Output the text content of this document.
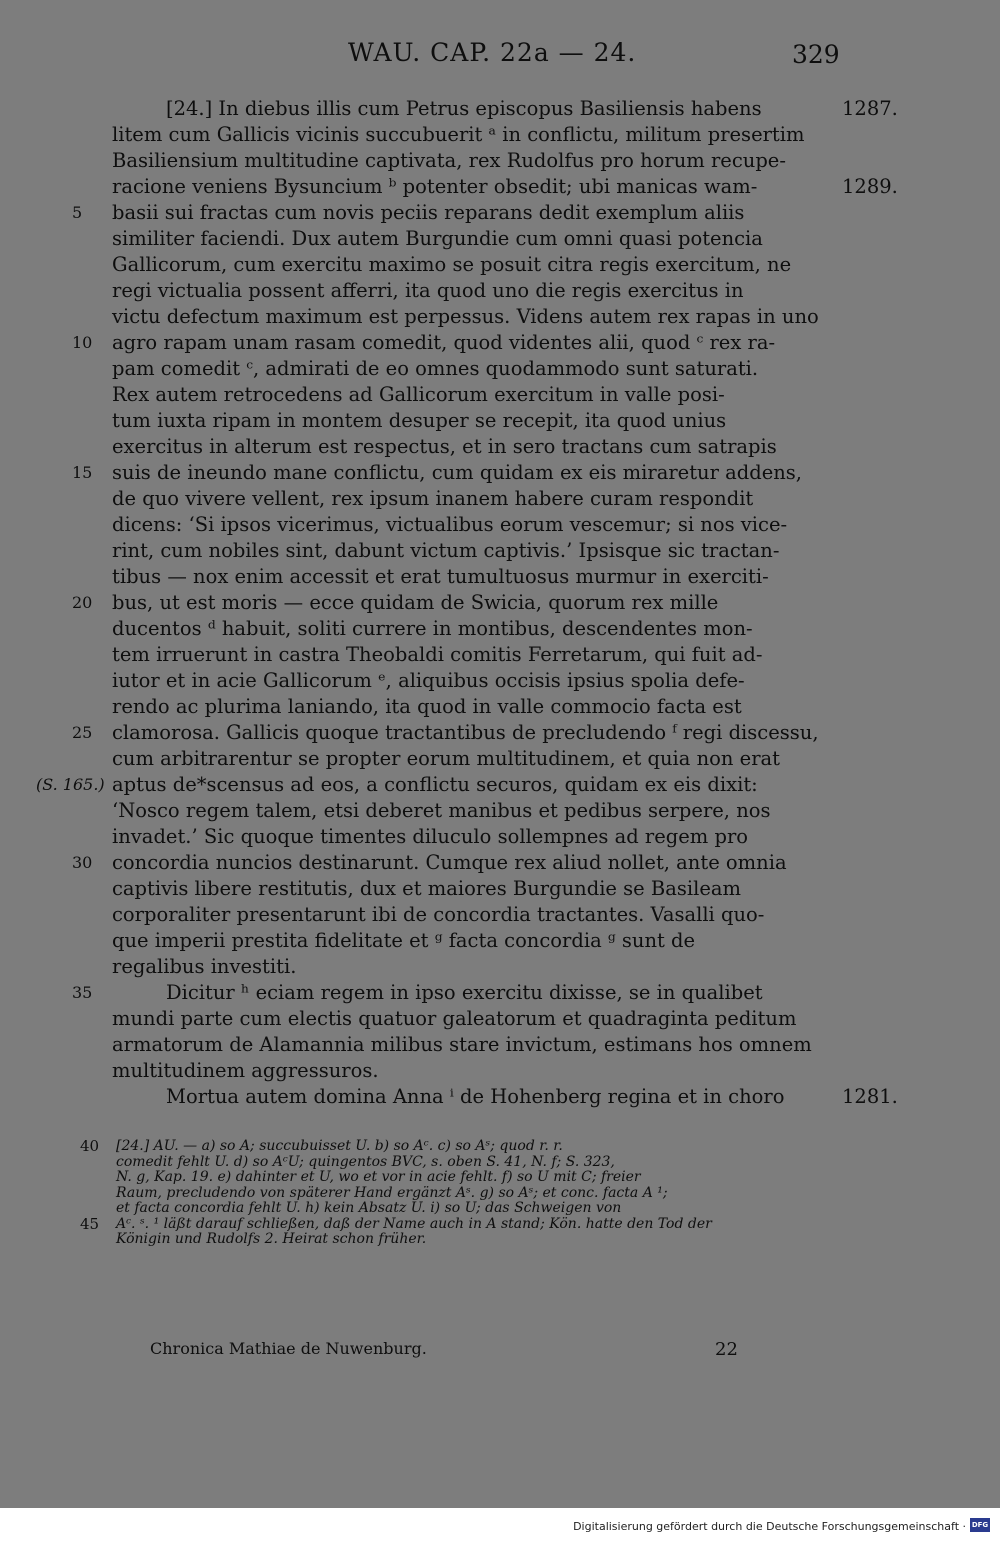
WAU. CAP. 22a — 24.	329
[24.] In diebus illis cum Petrus episcopus Basiliensis habens
litem cum Gallicis vicinis succubuerit ᵃ in conflictu, militum presertim
Basiliensium multitudine captivata, rex Rudolfus pro horum recupe-
racione veniens Bysuncium ᵇ potenter obsedit; ubi manicas wam-
basii sui fractas cum novis peciis reparans dedit exemplum aliis
similiter faciendi. Dux autem Burgundie cum omni quasi potencia
Gallicorum, cum exercitu maximo se posuit citra regis exercitum, ne
regi victualia possent afferri, ita quod uno die regis exercitus in
victu defectum maximum est perpessus. Videns autem rex rapas in uno
agro rapam unam rasam comedit, quod videntes alii, quod ᶜ rex ra-
pam comedit ᶜ, admirati de eo omnes quodammodo sunt saturati.
Rex autem retrocedens ad Gallicorum exercitum in valle posi-
tum iuxta ripam in montem desuper se recepit, ita quod unius
exercitus in alterum est respectus, et in sero tractans cum satrapis
suis de ineundo mane conflictu, cum quidam ex eis miraretur addens,
de quo vivere vellent, rex ipsum inanem habere curam respondit
dicens: ‘Si ipsos vicerimus, victualibus eorum vescemur; si nos vice-
rint, cum nobiles sint, dabunt victum captivis.’ Ipsisque sic tractan-
tibus — nox enim accessit et erat tumultuosus murmur in exerciti-
bus, ut est moris — ecce quidam de Swicia, quorum rex mille
ducentos ᵈ habuit, soliti currere in montibus, descendentes mon-
tem irruerunt in castra Theobaldi comitis Ferretarum, qui fuit ad-
iutor et in acie Gallicorum ᵉ, aliquibus occisis ipsius spolia defe-
rendo ac plurima laniando, ita quod in valle commocio facta est
clamorosa. Gallicis quoque tractantibus de precludendo ᶠ regi discessu,
cum arbitrarentur se propter eorum multitudinem, et quia non erat
aptus de*scensus ad eos, a conflictu securos, quidam ex eis dixit:
‘Nosco regem talem, etsi deberet manibus et pedibus serpere, nos
invadet.’ Sic quoque timentes diluculo sollempnes ad regem pro
concordia nuncios destinarunt. Cumque rex aliud nollet, ante omnia
captivis libere restitutis, dux et maiores Burgundie se Basileam
corporaliter presentarunt ibi de concordia tractantes. Vasalli quo-
que imperii prestita fidelitate et ᵍ facta concordia ᵍ sunt de
regalibus investiti.
Dicitur ʰ eciam regem in ipso exercitu dixisse, se in qualibet
mundi parte cum electis quatuor galeatorum et quadraginta peditum
armatorum de Alamannia milibus stare invictum, estimans hos omnem
multitudinem aggressuros.
Mortua autem domina Anna ⁱ de Hohenberg regina et in choro
5
10
15
20
25
(S. 165.)
30
35
1287.
1289.
1281.
[24.] AU. — a) so A; succubuisset U. b) so Aᶜ. c) so Aˢ; quod r. r.
comedit fehlt U. d) so AᶜU; quingentos BVC, s. oben S. 41, N. f; S. 323,
N. g, Kap. 19. e) dahinter et U, wo et vor in acie fehlt. f) so U mit C; freier
Raum, precludendo von späterer Hand ergänzt Aˢ. g) so Aˢ; et conc. facta A ¹;
et facta concordia fehlt U. h) kein Absatz U. i) so U; das Schweigen von
Aᶜ. ˢ. ¹ läßt darauf schließen, daß der Name auch in A stand; Kön. hatte den Tod der
Königin und Rudolfs 2. Heirat schon früher.
40
45
Chronica Mathiae de Nuwenburg.	22
Digitalisierung gefördert durch die Deutsche Forschungsgemeinschaft · DFG
